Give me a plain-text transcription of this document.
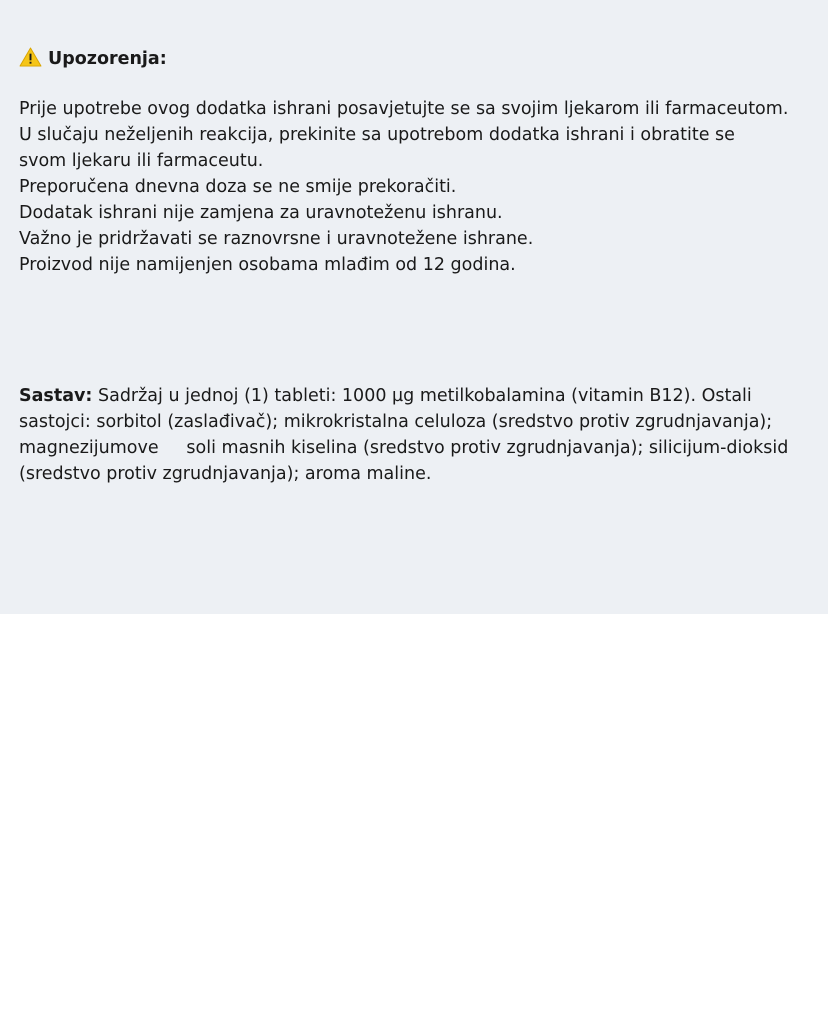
Upozorenja:
Prije upotrebe ovog dodatka ishrani posavjetujte se sa svojim ljekarom ili farmaceutom.
U slučaju neželjenih reakcija, prekinite sa upotrebom dodatka ishrani i obratite se
svom ljekaru ili farmaceutu.
Preporučena dnevna doza se ne smije prekoračiti.
Dodatak ishrani nije zamjena za uravnoteženu ishranu.
Važno je pridržavati se raznovrsne i uravnotežene ishrane.
Proizvod nije namijenjen osobama mlađim od 12 godina.

Sastav: Sadržaj u jednoj (1) tableti: 1000 µg metilkobalamina (vitamin B12). Ostali
sastojci: sorbitol (zaslađivač); mikrokristalna celuloza (sredstvo protiv zgrudnjavanja);
magnezijumove     soli masnih kiselina (sredstvo protiv zgrudnjavanja); silicijum-dioksid
(sredstvo protiv zgrudnjavanja); aroma maline.
